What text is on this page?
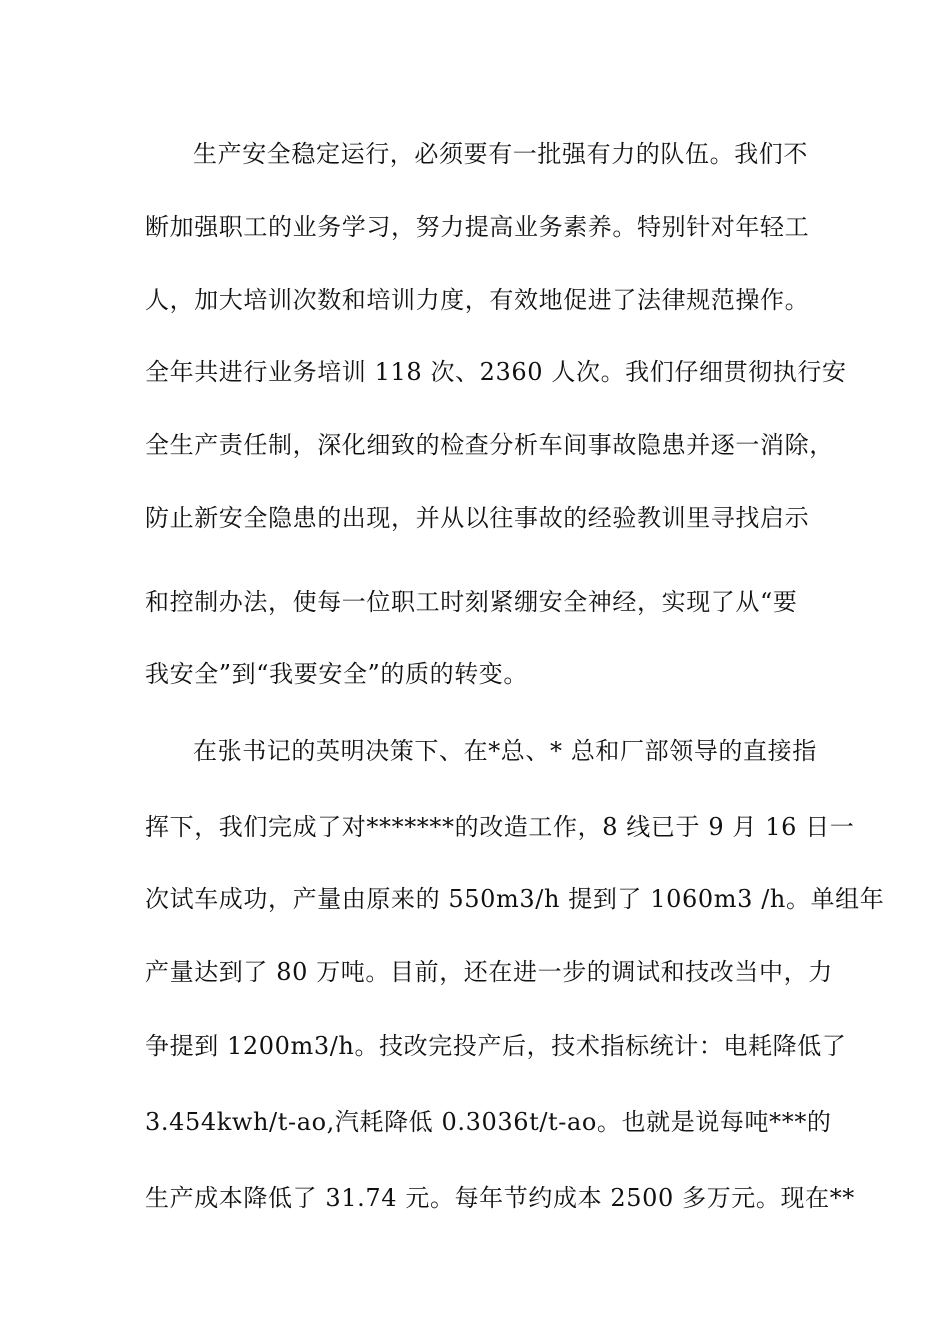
生产安全稳定运行，必须要有一批强有力的队伍。我们不
断加强职工的业务学习，努力提高业务素养。特别针对年轻工
人，加大培训次数和培训力度，有效地促进了法律规范操作。
全年共进行业务培训 118 次、2360 人次。我们仔细贯彻执行安
全生产责任制，深化细致的检查分析车间事故隐患并逐一消除，
防止新安全隐患的出现，并从以往事故的经验教训里寻找启示
和控制办法，使每一位职工时刻紧绷安全神经，实现了从“要
我安全”到“我要安全”的质的转变。
在张书记的英明决策下、在*总、* 总和厂部领导的直接指
挥下，我们完成了对*******的改造工作，8 线已于 9 月 16 日一
次试车成功，产量由原来的 550m3/h 提到了 1060m3 /h。单组年
产量达到了 80 万吨。目前，还在进一步的调试和技改当中，力
争提到 1200m3/h。技改完投产后，技术指标统计：电耗降低了
3.454kwh/t-ao,汽耗降低 0.3036t/t-ao。也就是说每吨***的
生产成本降低了 31.74 元。每年节约成本 2500 多万元。现在**
